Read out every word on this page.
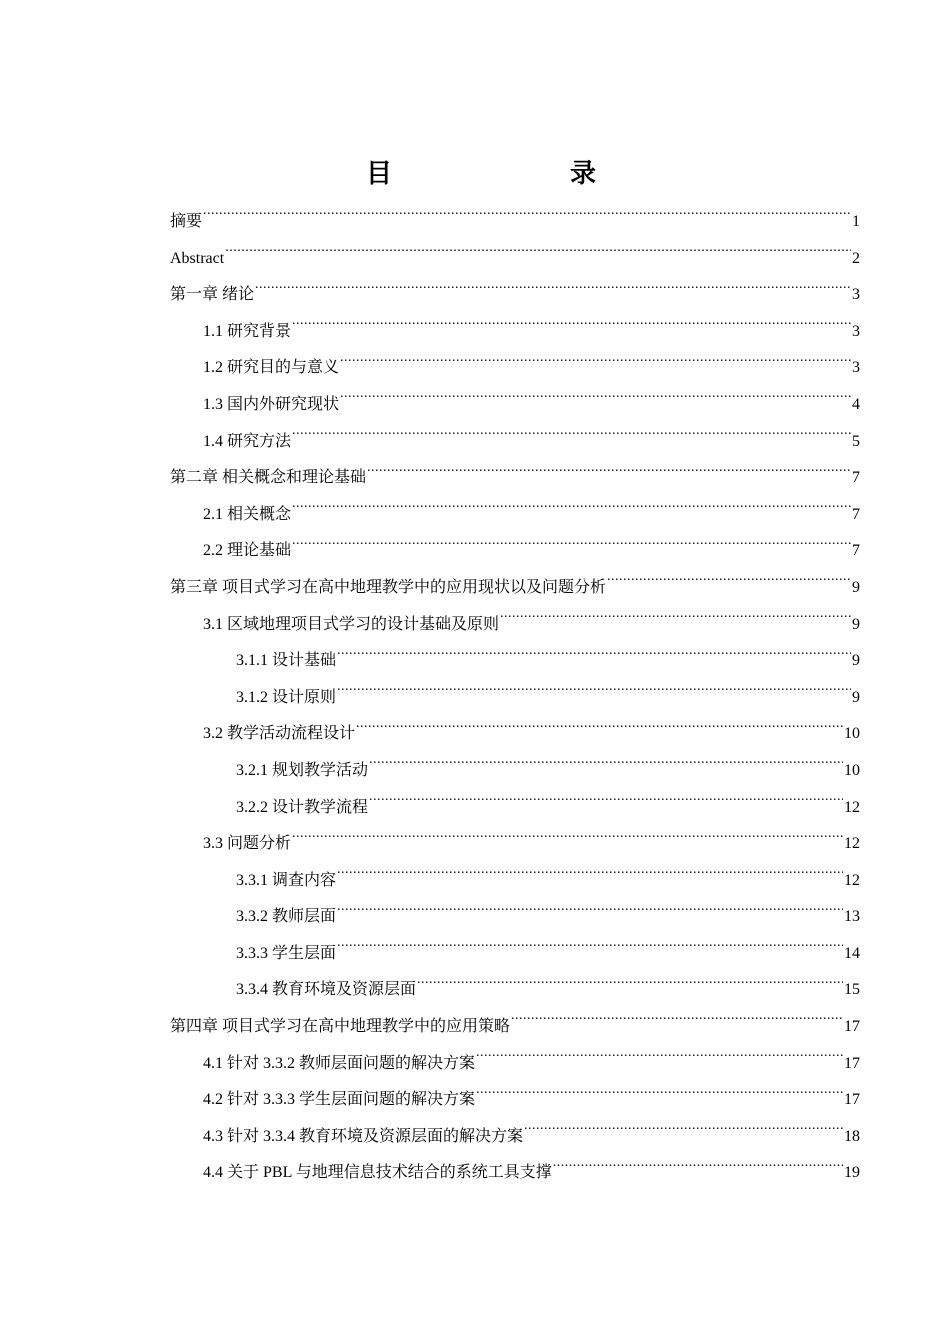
目　　录
摘要 .....	1
Abstract .....	2
第一章 绪论 .....	3
1.1 研究背景 .....	3
1.2 研究目的与意义 .....	3
1.3 国内外研究现状 .....	4
1.4 研究方法 .....	5
第二章 相关概念和理论基础 .....	7
2.1 相关概念 .....	7
2.2 理论基础 .....	7
第三章 项目式学习在高中地理教学中的应用现状以及问题分析 .....	9
3.1 区域地理项目式学习的设计基础及原则 .....	9
3.1.1 设计基础 .....	9
3.1.2 设计原则 .....	9
3.2 教学活动流程设计 .....	10
3.2.1 规划教学活动 .....	10
3.2.2 设计教学流程 .....	12
3.3 问题分析 .....	12
3.3.1 调查内容 .....	12
3.3.2 教师层面 .....	13
3.3.3 学生层面 .....	14
3.3.4 教育环境及资源层面 .....	15
第四章 项目式学习在高中地理教学中的应用策略 .....	17
4.1 针对 3.3.2 教师层面问题的解决方案 .....	17
4.2 针对 3.3.3 学生层面问题的解决方案 .....	17
4.3 针对 3.3.4 教育环境及资源层面的解决方案 .....	18
4.4 关于 PBL 与地理信息技术结合的系统工具支撑 .....	19
